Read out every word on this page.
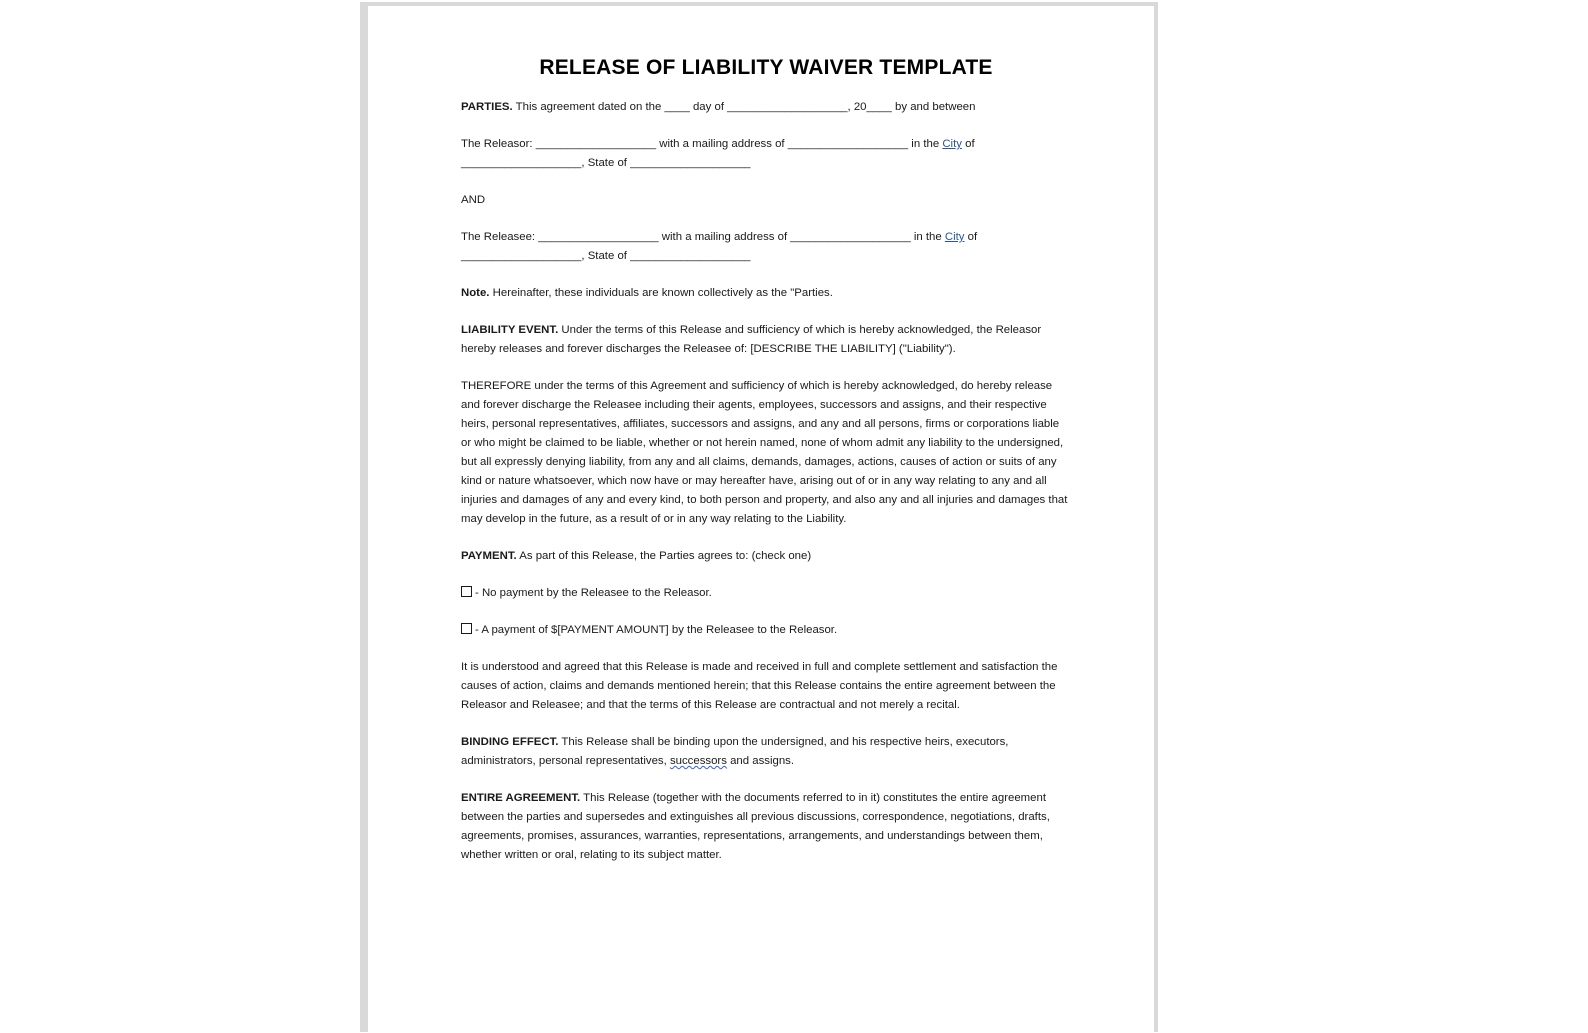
RELEASE OF LIABILITY WAIVER TEMPLATE

PARTIES. This agreement dated on the ____ day of ___________________, 20____ by and between

The Releasor: ___________________ with a mailing address of ___________________ in the City of
___________________, State of ___________________

AND

The Releasee: ___________________ with a mailing address of ___________________ in the City of
___________________, State of ___________________

Note. Hereinafter, these individuals are known collectively as the "Parties.

LIABILITY EVENT. Under the terms of this Release and sufficiency of which is hereby acknowledged, the Releasor hereby releases and forever discharges the Releasee of: [DESCRIBE THE LIABILITY] ("Liability").

THEREFORE under the terms of this Agreement and sufficiency of which is hereby acknowledged, do hereby release and forever discharge the Releasee including their agents, employees, successors and assigns, and their respective heirs, personal representatives, affiliates, successors and assigns, and any and all persons, firms or corporations liable or who might be claimed to be liable, whether or not herein named, none of whom admit any liability to the undersigned, but all expressly denying liability, from any and all claims, demands, damages, actions, causes of action or suits of any kind or nature whatsoever, which now have or may hereafter have, arising out of or in any way relating to any and all injuries and damages of any and every kind, to both person and property, and also any and all injuries and damages that may develop in the future, as a result of or in any way relating to the Liability.

PAYMENT. As part of this Release, the Parties agrees to: (check one)

- No payment by the Releasee to the Releasor.

- A payment of $[PAYMENT AMOUNT] by the Releasee to the Releasor.

It is understood and agreed that this Release is made and received in full and complete settlement and satisfaction the causes of action, claims and demands mentioned herein; that this Release contains the entire agreement between the Releasor and Releasee; and that the terms of this Release are contractual and not merely a recital.

BINDING EFFECT. This Release shall be binding upon the undersigned, and his respective heirs, executors, administrators, personal representatives, successors and assigns.

ENTIRE AGREEMENT. This Release (together with the documents referred to in it) constitutes the entire agreement between the parties and supersedes and extinguishes all previous discussions, correspondence, negotiations, drafts, agreements, promises, assurances, warranties, representations, arrangements, and understandings between them, whether written or oral, relating to its subject matter.
